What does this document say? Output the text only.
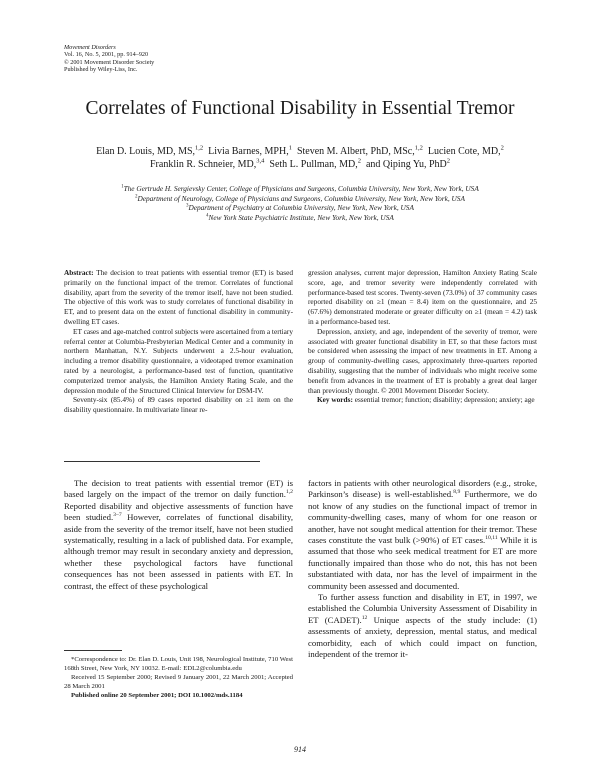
Movement Disorders
Vol. 16, No. 5, 2001, pp. 914–920
© 2001 Movement Disorder Society
Published by Wiley-Liss, Inc.
Correlates of Functional Disability in Essential Tremor
Elan D. Louis, MD, MS,$^{1,2}$ Livia Barnes, MPH,$^1$ Steven M. Albert, PhD, MSc,$^{1,2}$ Lucien Cote, MD,$^2$
Franklin R. Schneier, MD,$^{3,4}$ Seth L. Pullman, MD,$^2$ and Qiping Yu, PhD$^2$
$^1$The Gertrude H. Sergievsky Center, College of Physicians and Surgeons, Columbia University, New York, New York, USA
$^2$Department of Neurology, College of Physicians and Surgeons, Columbia University, New York, New York, USA
$^3$Department of Psychiatry at Columbia University, New York, New York, USA
$^4$New York State Psychiatric Institute, New York, New York, USA

Abstract: The decision to treat patients with essential tremor (ET) is based primarily on the functional impact of the tremor. Correlates of functional disability, apart from the severity of the tremor itself, have not been studied. The objective of this work was to study correlates of functional disability in ET, and to present data on the extent of functional disability in community-dwelling ET cases.

ET cases and age-matched control subjects were ascertained from a tertiary referral center at Columbia-Presbyterian Medical Center and a community in northern Manhattan, N.Y. Subjects underwent a 2.5-hour evaluation, including a tremor disability questionnaire, a videotaped tremor examination rated by a neurologist, a performance-based test of function, quantitative computerized tremor analysis, the Hamilton Anxiety Rating Scale, and the depression module of the Structured Clinical Interview for DSM-IV.

Seventy-six (85.4%) of 89 cases reported disability on ≥1 item on the disability questionnaire. In multivariate linear re-

gression analyses, current major depression, Hamilton Anxiety Rating Scale score, age, and tremor severity were independently correlated with performance-based test scores. Twenty-seven (73.0%) of 37 community cases reported disability on ≥1 (mean = 8.4) item on the questionnaire, and 25 (67.6%) demonstrated moderate or greater difficulty on ≥1 (mean = 4.2) task in a performance-based test.

Depression, anxiety, and age, independent of the severity of tremor, were associated with greater functional disability in ET, so that these factors must be considered when assessing the impact of new treatments in ET. Among a group of community-dwelling cases, approximately three-quarters reported disability, suggesting that the number of individuals who might receive some benefit from advances in the treatment of ET is probably a great deal larger than previously thought. © 2001 Movement Disorder Society.

Key words: essential tremor; function; disability; depression; anxiety; age

The decision to treat patients with essential tremor (ET) is based largely on the impact of the tremor on daily function.$^{1,2}$ Reported disability and objective assessments of function have been studied.$^{3-7}$ However, correlates of functional disability, aside from the severity of the tremor itself, have not been studied systematically, resulting in a lack of published data. For example, although tremor may result in secondary anxiety and depression, whether these psychological factors have functional consequences has not been assessed in patients with ET. In contrast, the effect of these psychological

factors in patients with other neurological disorders (e.g., stroke, Parkinson’s disease) is well-established.$^{8,9}$ Furthermore, we do not know of any studies on the functional impact of tremor in community-dwelling cases, many of whom for one reason or another, have not sought medical attention for their tremor. These cases constitute the vast bulk (>90%) of ET cases.$^{10,11}$ While it is assumed that those who seek medical treatment for ET are more functionally impaired than those who do not, this has not been substantiated with data, nor has the level of impairment in the community been assessed and documented.

To further assess function and disability in ET, in 1997, we established the Columbia University Assessment of Disability in ET (CADET).$^{12}$ Unique aspects of the study include: (1) assessments of anxiety, depression, mental status, and medical comorbidity, each of which could impact on function, independent of the tremor it-

*Correspondence to: Dr. Elan D. Louis, Unit 198, Neurological Institute, 710 West 168th Street, New York, NY 10032. E-mail: EDL2@columbia.edu

Received 15 September 2000; Revised 9 January 2001, 22 March 2001; Accepted 28 March 2001

Published online 20 September 2001; DOI 10.1002/mds.1184

914
